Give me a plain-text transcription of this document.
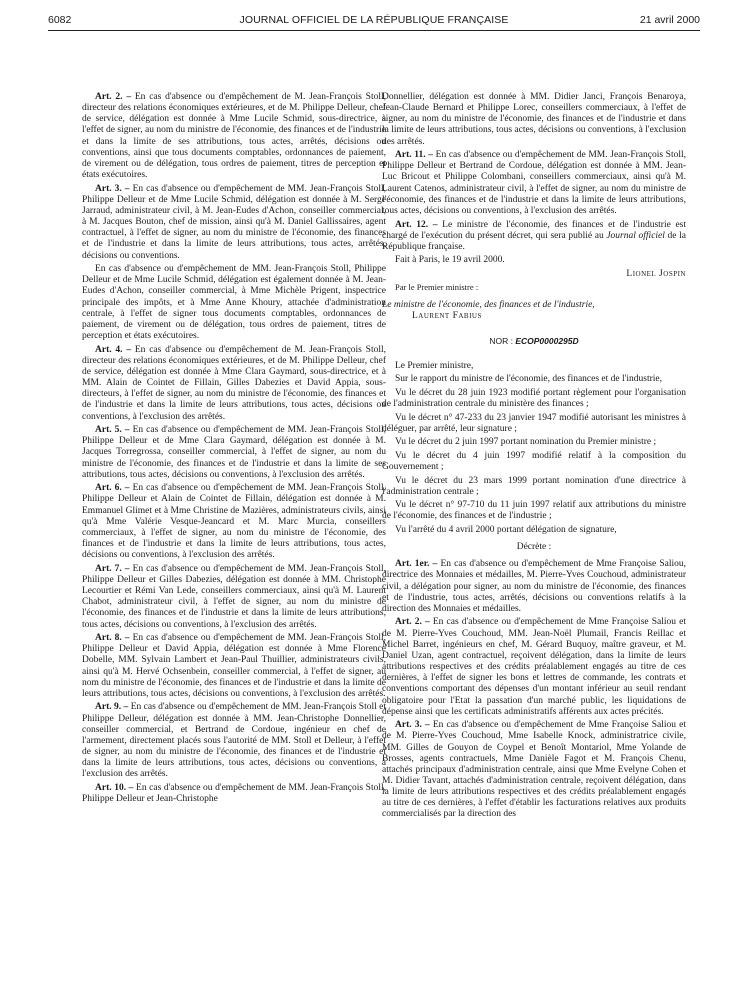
6082	JOURNAL OFFICIEL DE LA RÉPUBLIQUE FRANÇAISE	21 avril 2000

Art. 2. – En cas d'absence ou d'empêchement de M. Jean-François Stoll, directeur des relations économiques extérieures, et de M. Philippe Delleur, chef de service, délégation est donnée à Mme Lucile Schmid, sous-directrice, à l'effet de signer, au nom du ministre de l'économie, des finances et de l'industrie et dans la limite de ses attributions, tous actes, arrêtés, décisions ou conventions, ainsi que tous documents comptables, ordonnances de paiement, de virement ou de délégation, tous ordres de paiement, titres de perception et états exécutoires.

Art. 3. – En cas d'absence ou d'empêchement de MM. Jean-François Stoll, Philippe Delleur et de Mme Lucile Schmid, délégation est donnée à M. Serge Jarraud, administrateur civil, à M. Jean-Eudes d'Achon, conseiller commercial, à M. Jacques Bouton, chef de mission, ainsi qu'à M. Daniel Gallissaires, agent contractuel, à l'effet de signer, au nom du ministre de l'économie, des finances et de l'industrie et dans la limite de leurs attributions, tous actes, arrêtés, décisions ou conventions.

En cas d'absence ou d'empêchement de MM. Jean-François Stoll, Philippe Delleur et de Mme Lucile Schmid, délégation est également donnée à M. Jean-Eudes d'Achon, conseiller commercial, à Mme Michèle Prigent, inspectrice principale des impôts, et à Mme Anne Khoury, attachée d'administration centrale, à l'effet de signer tous documents comptables, ordonnances de paiement, de virement ou de délégation, tous ordres de paiement, titres de perception et états exécutoires.

Art. 4. – En cas d'absence ou d'empêchement de M. Jean-François Stoll, directeur des relations économiques extérieures, et de M. Philippe Delleur, chef de service, délégation est donnée à Mme Clara Gaymard, sous-directrice, et à MM. Alain de Cointet de Fillain, Gilles Dabezies et David Appia, sous-directeurs, à l'effet de signer, au nom du ministre de l'économie, des finances et de l'industrie et dans la limite de leurs attributions, tous actes, décisions ou conventions, à l'exclusion des arrêtés.

Art. 5. – En cas d'absence ou d'empêchement de MM. Jean-François Stoll, Philippe Delleur et de Mme Clara Gaymard, délégation est donnée à M. Jacques Torregrossa, conseiller commercial, à l'effet de signer, au nom du ministre de l'économie, des finances et de l'industrie et dans la limite de ses attributions, tous actes, décisions ou conventions, à l'exclusion des arrêtés.

Art. 6. – En cas d'absence ou d'empêchement de MM. Jean-François Stoll, Philippe Delleur et Alain de Cointet de Fillain, délégation est donnée à M. Emmanuel Glimet et à Mme Christine de Mazières, administrateurs civils, ainsi qu'à Mme Valérie Vesque-Jeancard et M. Marc Murcia, conseillers commerciaux, à l'effet de signer, au nom du ministre de l'économie, des finances et de l'industrie et dans la limite de leurs attributions, tous actes, décisions ou conventions, à l'exclusion des arrêtés.

Art. 7. – En cas d'absence ou d'empêchement de MM. Jean-François Stoll, Philippe Delleur et Gilles Dabezies, délégation est donnée à MM. Christophe Lecourtier et Rémi Van Lede, conseillers commerciaux, ainsi qu'à M. Laurent Chabot, administrateur civil, à l'effet de signer, au nom du ministre de l'économie, des finances et de l'industrie et dans la limite de leurs attributions, tous actes, décisions ou conventions, à l'exclusion des arrêtés.

Art. 8. – En cas d'absence ou d'empêchement de MM. Jean-François Stoll, Philippe Delleur et David Appia, délégation est donnée à Mme Florence Dobelle, MM. Sylvain Lambert et Jean-Paul Thuillier, administrateurs civils, ainsi qu'à M. Hervé Ochsenbein, conseiller commercial, à l'effet de signer, au nom du ministre de l'économie, des finances et de l'industrie et dans la limite de leurs attributions, tous actes, décisions ou conventions, à l'exclusion des arrêtés.

Art. 9. – En cas d'absence ou d'empêchement de MM. Jean-François Stoll et Philippe Delleur, délégation est donnée à MM. Jean-Christophe Donnellier, conseiller commercial, et Bertrand de Cordoue, ingénieur en chef de l'armement, directement placés sous l'autorité de MM. Stoll et Delleur, à l'effet de signer, au nom du ministre de l'économie, des finances et de l'industrie et dans la limite de leurs attributions, tous actes, décisions ou conventions, à l'exclusion des arrêtés.

Art. 10. – En cas d'absence ou d'empêchement de MM. Jean-François Stoll, Philippe Delleur et Jean-Christophe

Donnellier, délégation est donnée à MM. Didier Janci, François Benaroya, Jean-Claude Bernard et Philippe Lorec, conseillers commerciaux, à l'effet de signer, au nom du ministre de l'économie, des finances et de l'industrie et dans la limite de leurs attributions, tous actes, décisions ou conventions, à l'exclusion des arrêtés.

Art. 11. – En cas d'absence ou d'empêchement de MM. Jean-François Stoll, Philippe Delleur et Bertrand de Cordoue, délégation est donnée à MM. Jean-Luc Bricout et Philippe Colombani, conseillers commerciaux, ainsi qu'à M. Laurent Catenos, administrateur civil, à l'effet de signer, au nom du ministre de l'économie, des finances et de l'industrie et dans la limite de leurs attributions, tous actes, décisions ou conventions, à l'exclusion des arrêtés.

Art. 12. – Le ministre de l'économie, des finances et de l'industrie est chargé de l'exécution du présent décret, qui sera publié au Journal officiel de la République française.

Fait à Paris, le 19 avril 2000.

Lionel Jospin

Par le Premier ministre :

Le ministre de l'économie, des finances et de l'industrie,
Laurent Fabius
NOR : ECOP0000295D

Le Premier ministre,

Sur le rapport du ministre de l'économie, des finances et de l'industrie,

Vu le décret du 28 juin 1923 modifié portant règlement pour l'organisation de l'administration centrale du ministère des finances ;

Vu le décret n° 47-233 du 23 janvier 1947 modifié autorisant les ministres à déléguer, par arrêté, leur signature ;

Vu le décret du 2 juin 1997 portant nomination du Premier ministre ;

Vu le décret du 4 juin 1997 modifié relatif à la composition du Gouvernement ;

Vu le décret du 23 mars 1999 portant nomination d'une directrice à l'administration centrale ;

Vu le décret n° 97-710 du 11 juin 1997 relatif aux attributions du ministre de l'économie, des finances et de l'industrie ;

Vu l'arrêté du 4 avril 2000 portant délégation de signature,

Décrète :

Art. 1er. – En cas d'absence ou d'empêchement de Mme Françoise Saliou, directrice des Monnaies et médailles, M. Pierre-Yves Couchoud, administrateur civil, a délégation pour signer, au nom du ministre de l'économie, des finances et de l'industrie, tous actes, arrêtés, décisions ou conventions relatifs à la direction des Monnaies et médailles.

Art. 2. – En cas d'absence ou d'empêchement de Mme Françoise Saliou et de M. Pierre-Yves Couchoud, MM. Jean-Noël Plumail, Francis Reillac et Michel Barret, ingénieurs en chef, M. Gérard Buquoy, maître graveur, et M. Daniel Uzan, agent contractuel, reçoivent délégation, dans la limite de leurs attributions respectives et des crédits préalablement engagés au titre de ces dernières, à l'effet de signer les bons et lettres de commande, les contrats et conventions comportant des dépenses d'un montant inférieur au seuil rendant obligatoire pour l'Etat la passation d'un marché public, les liquidations de dépense ainsi que les certificats administratifs afférents aux actes précités.

Art. 3. – En cas d'absence ou d'empêchement de Mme Françoise Saliou et de M. Pierre-Yves Couchoud, Mme Isabelle Knock, administratrice civile, MM. Gilles de Gouyon de Coypel et Benoît Montariol, Mme Yolande de Brosses, agents contractuels, Mme Danièle Fagot et M. François Chenu, attachés principaux d'administration centrale, ainsi que Mme Evelyne Cohen et M. Didier Tavant, attachés d'administration centrale, reçoivent délégation, dans la limite de leurs attributions respectives et des crédits préalablement engagés au titre de ces dernières, à l'effet d'établir les facturations relatives aux produits commercialisés par la direction des
